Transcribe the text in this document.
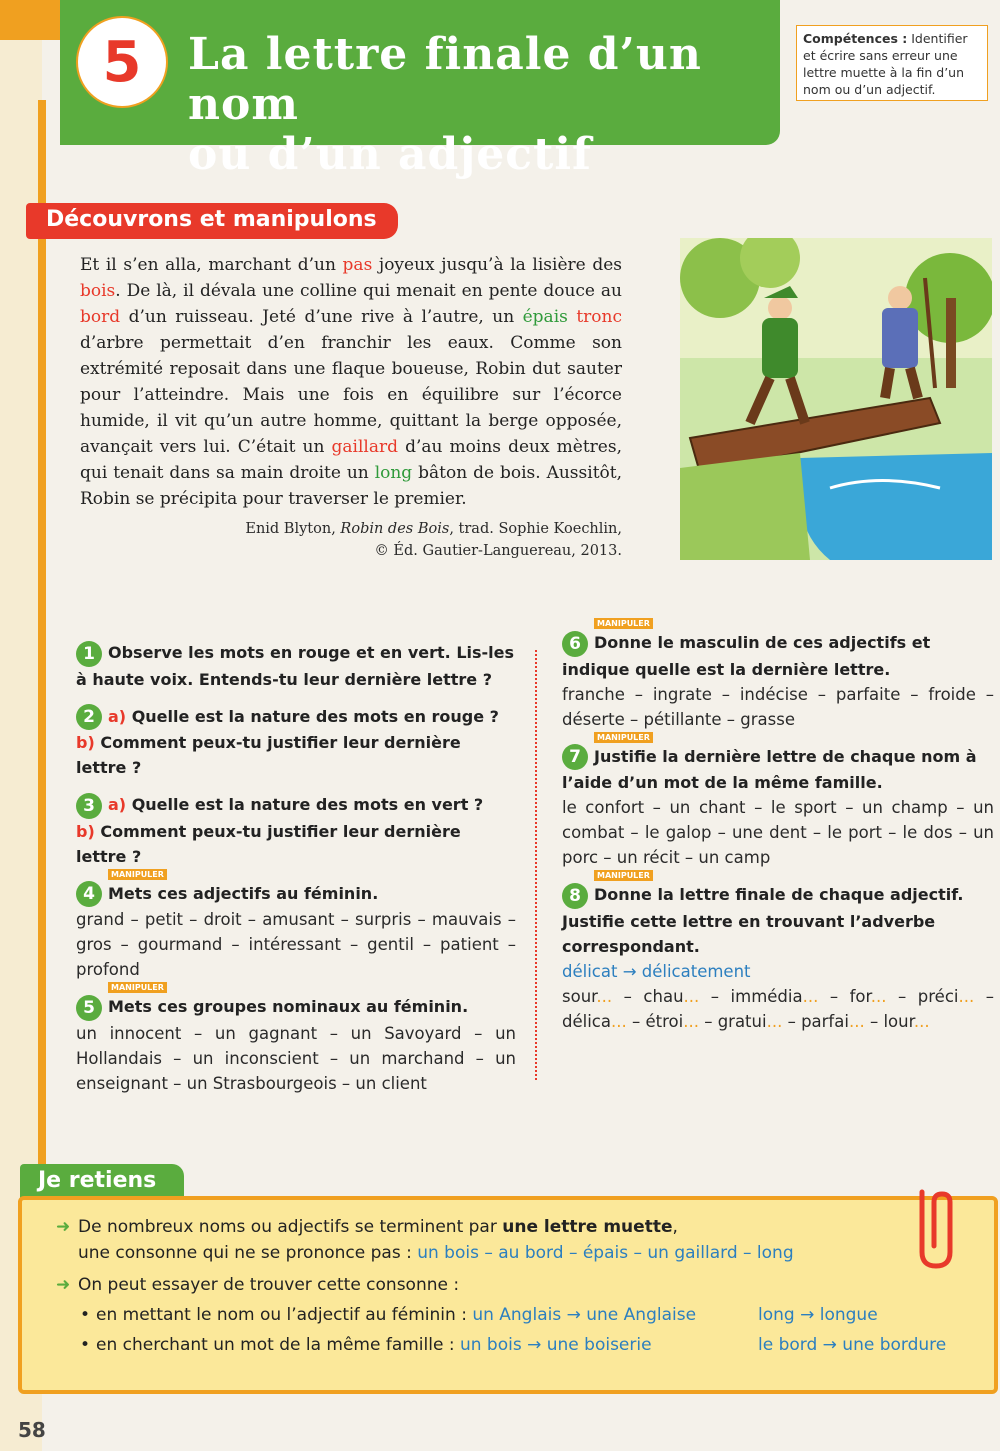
5	La lettre finale d’un nom
ou d’un adjectif
Compétences : Identifier et écrire sans erreur une lettre muette à la fin d’un nom ou d’un adjectif.
Découvrons et manipulons
Et il s’en alla, marchant d’un pas joyeux jusqu’à la lisière des bois. De là, il dévala une colline qui menait en pente douce au bord d’un ruisseau. Jeté d’une rive à l’autre, un épais tronc d’arbre permettait d’en franchir les eaux. Comme son extrémité reposait dans une flaque boueuse, Robin dut sauter pour l’atteindre. Mais une fois en équilibre sur l’écorce humide, il vit qu’un autre homme, quittant la berge opposée, avançait vers lui. C’était un gaillard d’au moins deux mètres, qui tenait dans sa main droite un long bâton de bois. Aussitôt, Robin se précipita pour traverser le premier.
Enid Blyton, Robin des Bois, trad. Sophie Koechlin,
© Éd. Gautier-Languereau, 2013.
1 Observe les mots en rouge et en vert. Lis-les à haute voix. Entends-tu leur dernière lettre ?
2 a) Quelle est la nature des mots en rouge ?
b) Comment peux-tu justifier leur dernière lettre ?
3 a) Quelle est la nature des mots en vert ?
b) Comment peux-tu justifier leur dernière lettre ?
MANIPULER
4 Mets ces adjectifs au féminin.
grand – petit – droit – amusant – surpris – mauvais – gros – gourmand – intéressant – gentil – patient – profond
MANIPULER
5 Mets ces groupes nominaux au féminin.
un innocent – un gagnant – un Savoyard – un Hollandais – un inconscient – un marchand – un enseignant – un Strasbourgeois – un client
MANIPULER
6 Donne le masculin de ces adjectifs et indique quelle est la dernière lettre.
franche – ingrate – indécise – parfaite – froide – déserte – pétillante – grasse
MANIPULER
7 Justifie la dernière lettre de chaque nom à l’aide d’un mot de la même famille.
le confort – un chant – le sport – un champ – un combat – le galop – une dent – le port – le dos – un porc – un récit – un camp
MANIPULER
8 Donne la lettre finale de chaque adjectif. Justifie cette lettre en trouvant l’adverbe correspondant.
délicat → délicatement
sour... – chau... – immédia... – for... – préci... – délica... – étroi... – gratui... – parfai... – lour...
Je retiens
➜ De nombreux noms ou adjectifs se terminent par une lettre muette,
une consonne qui ne se prononce pas : un bois – au bord – épais – un gaillard – long
➜ On peut essayer de trouver cette consonne :
• en mettant le nom ou l’adjectif au féminin : un Anglais → une Anglaise	long → longue
• en cherchant un mot de la même famille : un bois → une boiserie	le bord → une bordure
58
